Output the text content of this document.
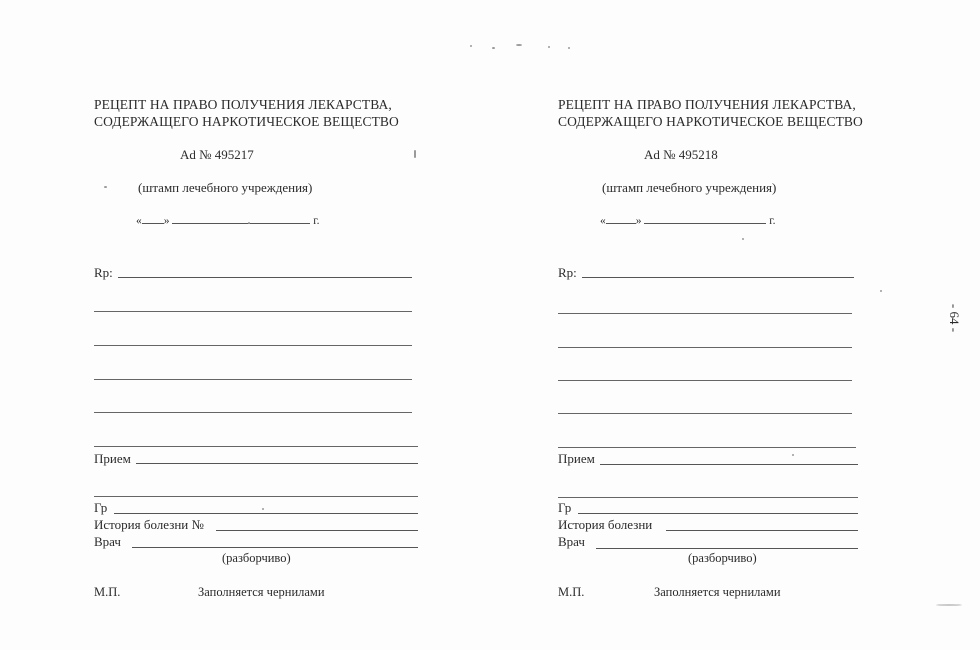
РЕЦЕПТ НА ПРАВО ПОЛУЧЕНИЯ ЛЕКАРСТВА,
СОДЕРЖАЩЕГО НАРКОТИЧЕСКОЕ ВЕЩЕСТВО
Ad № 495217
(штамп лечебного учреждения)
« »	г.
Rp:
Прием
Гр
История болезни №
Врач
(разборчиво)
М.П.	Заполняется чернилами
РЕЦЕПТ НА ПРАВО ПОЛУЧЕНИЯ ЛЕКАРСТВА,
СОДЕРЖАЩЕГО НАРКОТИЧЕСКОЕ ВЕЩЕСТВО
Ad № 495218
(штамп лечебного учреждения)
«	»	г.
Rp:
Прием
Гр
История болезни
Врач
(разборчиво)
М.П.	Заполняется чернилами
- 64 -
